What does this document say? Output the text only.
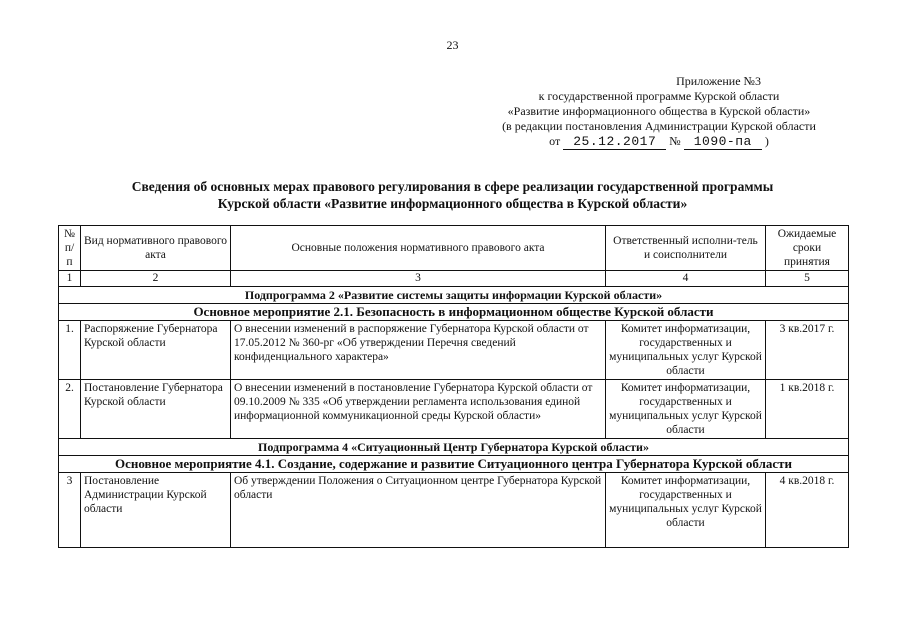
23
Приложение №3
к государственной программе Курской области
«Развитие информационного общества в Курской области»
(в редакции постановления Администрации Курской области
от 25.12.2017 № 1090-па )
Сведения об основных мерах правового регулирования в сфере реализации государственной программы
Курской области «Развитие информационного общества в Курской области»
№ п/п	Вид нормативного правового акта	Основные положения нормативного правового акта	Ответственный исполни-тель и соисполнители	Ожидаемые сроки принятия
1	2	3	4	5
Подпрограмма 2 «Развитие системы защиты информации Курской области»				
Основное мероприятие 2.1. Безопасность в информационном обществе Курской области				
1.	Распоряжение Губернатора Курской области	О внесении изменений в распоряжение Губернатора Курской области от 17.05.2012 № 360-рг «Об утверждении Перечня сведений конфиденциального характера»	Комитет информатизации, государственных и муниципальных услуг Курской области	3 кв.2017 г.
2.	Постановление Губернатора Курской области	О внесении изменений в постановление Губернатора Курской области от 09.10.2009 № 335 «Об утверждении регламента использования единой информационной коммуникационной среды Курской области»	Комитет информатизации, государственных и муниципальных услуг Курской области	1 кв.2018 г.
Подпрограмма 4 «Ситуационный Центр Губернатора Курской области»				
Основное мероприятие 4.1. Создание, содержание и развитие Ситуационного центра Губернатора Курской области				
3	Постановление Администрации Курской области	Об утверждении Положения о Ситуационном центре Губернатора Курской области	Комитет информатизации, государственных и муниципальных услуг Курской области	4 кв.2018 г.
